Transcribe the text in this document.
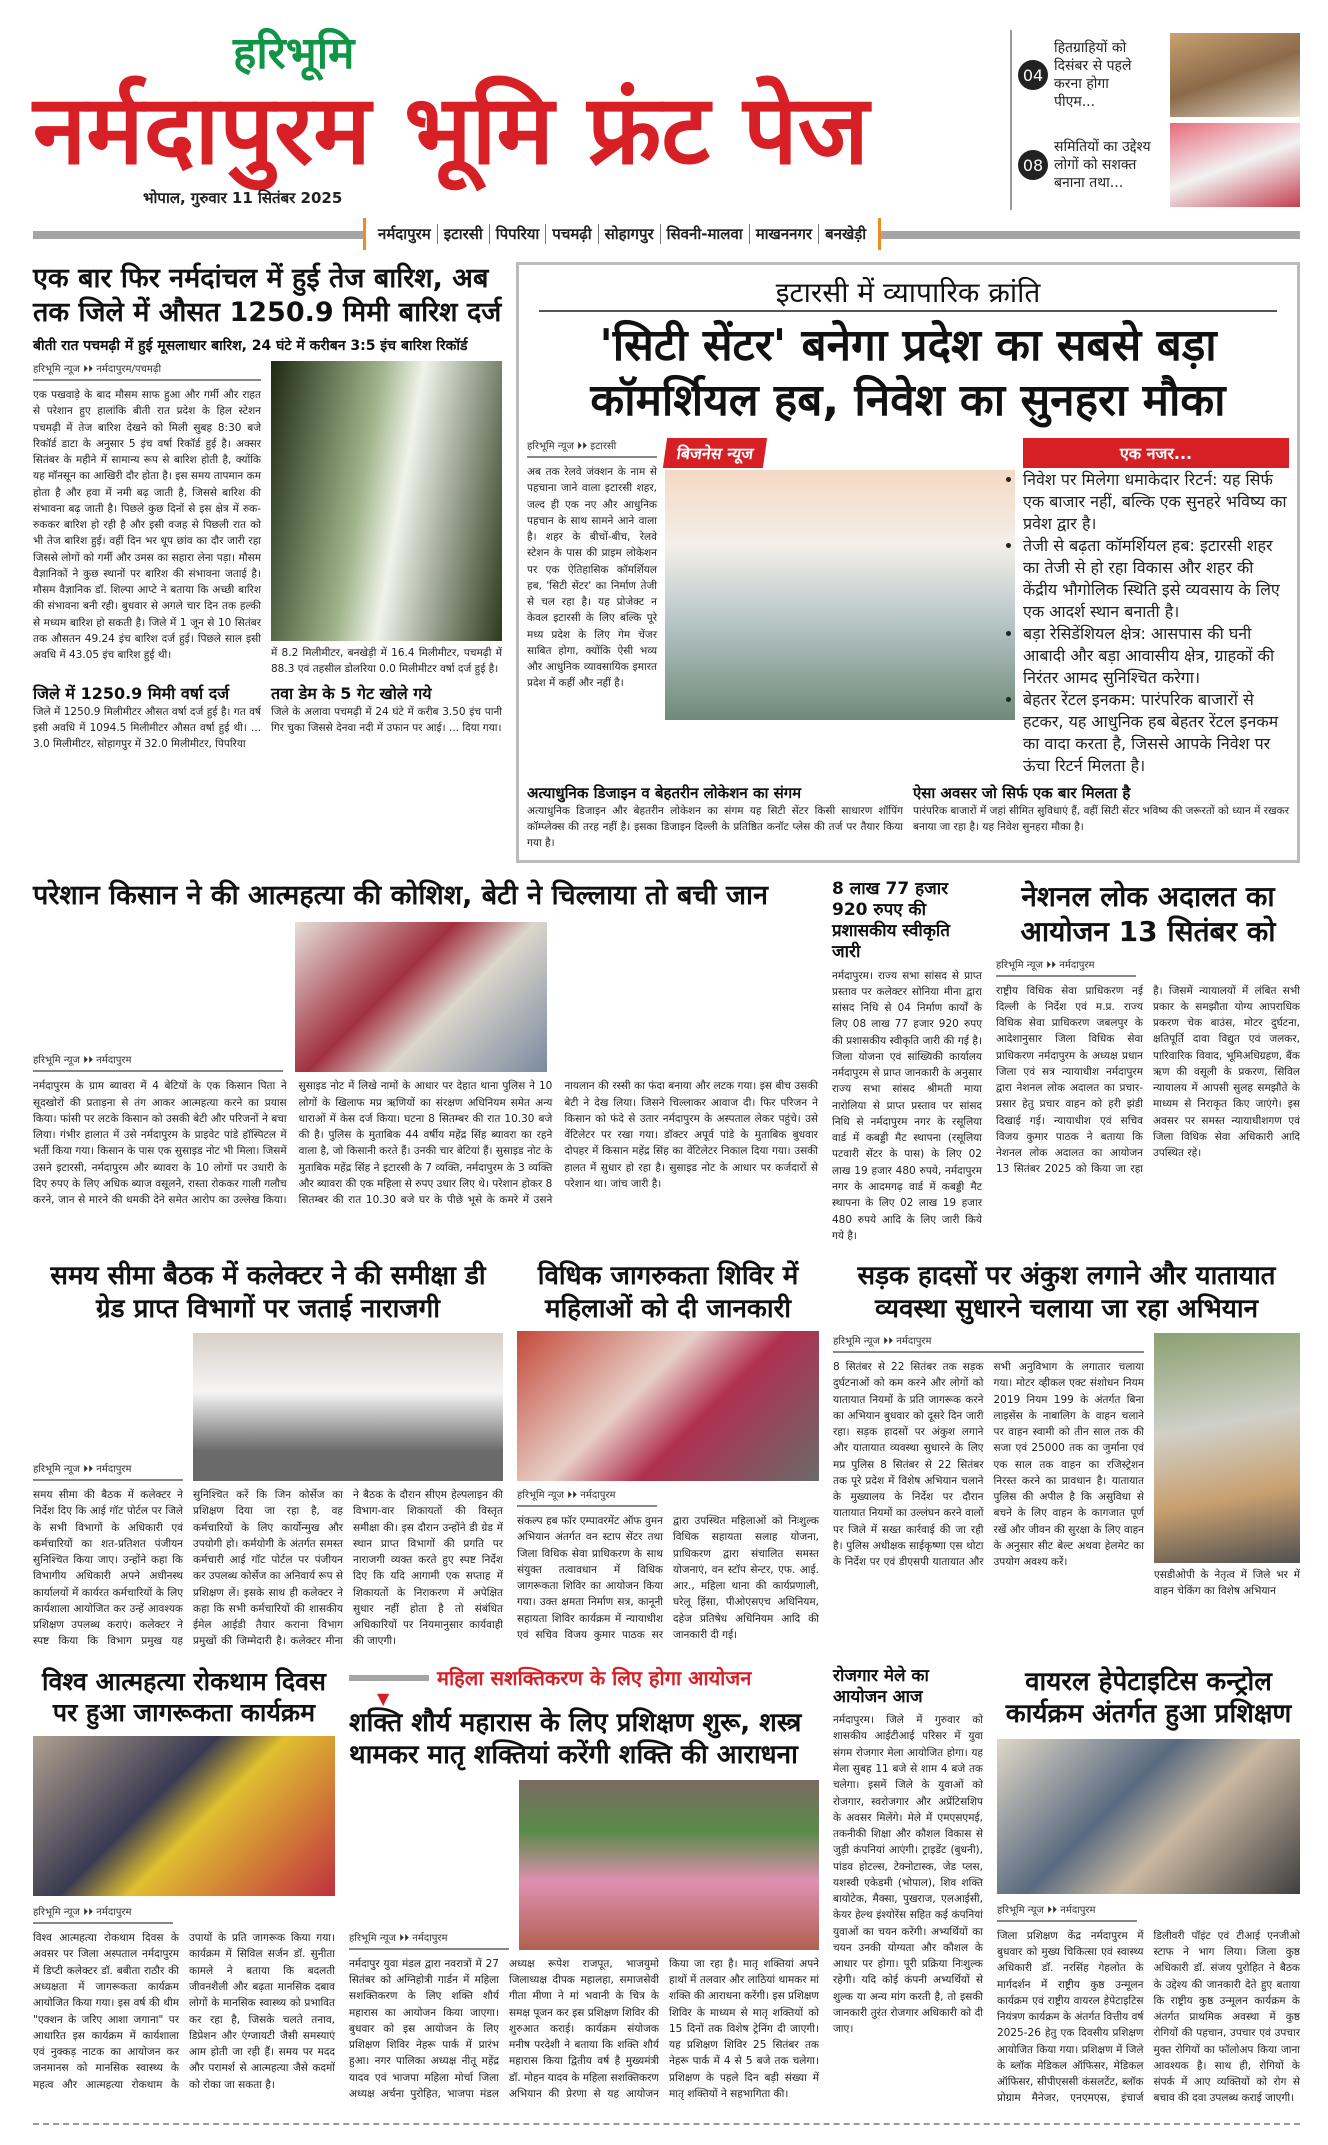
हरिभूमि
नर्मदापुरम भूमि फ्रंट पेज
भोपाल, गुरुवार 11 सितंबर 2025
04
हितग्राहियों को दिसंबर से पहले करना होगा पीएम...
08
समितियों का उद्देश्य लोगों को सशक्त बनाना तथा...
नर्मदापुरम इटारसी पिपरिया पचमढ़ी सोहागपुर सिवनी-मालवा माखननगर बनखेड़ी
एक बार फिर नर्मदांचल में हुई तेज बारिश, अब तक जिले में औसत 1250.9 मिमी बारिश दर्ज
बीती रात पचमढ़ी में हुई मूसलाधार बारिश, 24 घंटे में करीबन 3:5 इंच बारिश रिकॉर्ड
हरिभूमि न्यूज ⏵⏵ नर्मदापुरम/पचमढ़ी
एक पखवाड़े के बाद मौसम साफ हुआ और गर्मी और राहत से परेशान हुए हालांकि बीती रात प्रदेश के हिल स्टेशन पचमढ़ी में तेज बारिश देखने को मिली सुबह 8:30 बजे रिकॉर्ड डाटा के अनुसार 5 इंच वर्षा रिकॉर्ड हुई है। अक्सर सितंबर के महीने में सामान्य रूप से बारिश होती है, क्योंकि यह मॉनसून का आखिरी दौर होता है। इस समय तापमान कम होता है और हवा में नमी बढ़ जाती है, जिससे बारिश की संभावना बढ़ जाती है। पिछले कुछ दिनों से इस क्षेत्र में रुक-रुककर बारिश हो रही है और इसी वजह से पिछली रात को भी तेज बारिश हुई। वहीं दिन भर धूप छांव का दौर जारी रहा जिससे लोगों को गर्मी और उमस का सहारा लेना पड़ा। मौसम वैज्ञानिकों ने कुछ स्थानों पर बारिश की संभावना जताई है। मौसम वैज्ञानिक डॉ. शिल्पा आप्टे ने बताया कि अच्छी बारिश की संभावना बनी रही। बुधवार से अगले चार दिन तक हल्की से मध्यम बारिश हो सकती है। जिले में 1 जून से 10 सितंबर तक औसतन 49.24 इंच बारिश दर्ज हुई। पिछले साल इसी अवधि में 43.05 इंच बारिश हुई थी।	में 8.2 मिलीमीटर, बनखेड़ी में 16.4 मिलीमीटर, पचमढ़ी में 88.3 एवं तहसील डोलरिया 0.0 मिलीमीटर वर्षा दर्ज हुई है।
जिले में 1250.9 मिमी वर्षा दर्ज
जिले में 1250.9 मिलीमीटर औसत वर्षा दर्ज हुई है। गत वर्ष इसी अवधि में 1094.5 मिलीमीटर औसत वर्षा हुई थी। ... 3.0 मिलीमीटर, सोहागपुर में 32.0 मिलीमीटर, पिपरिया
तवा डेम के 5 गेट खोले गये
जिले के अलावा पचमढ़ी में 24 घंटे में करीब 3.50 इंच पानी गिर चुका जिससे देनवा नदी में उफान पर आई। ... दिया गया।
इटारसी में व्यापारिक क्रांति
'सिटी सेंटर' बनेगा प्रदेश का सबसे बड़ा कॉमर्शियल हब, निवेश का सुनहरा मौका
हरिभूमि न्यूज ⏵⏵ इटारसी
अब तक रेलवे जंक्शन के नाम से पहचाना जाने वाला इटारसी शहर, जल्द ही एक नए और आधुनिक पहचान के साथ सामने आने वाला है। शहर के बीचों-बीच, रेलवे स्टेशन के पास की प्राइम लोकेशन पर एक ऐतिहासिक कॉमर्शियल हब, 'सिटी सेंटर' का निर्माण तेजी से चल रहा है। यह प्रोजेक्ट न केवल इटारसी के लिए बल्कि पूरे मध्य प्रदेश के लिए गेम चेंजर साबित होगा, क्योंकि ऐसी भव्य और आधुनिक व्यावसायिक इमारत प्रदेश में कहीं और नहीं है।
बिजनेस न्यूज	एक नजर...
• निवेश पर मिलेगा धमाकेदार रिटर्न: यह सिर्फ एक बाजार नहीं, बल्कि एक सुनहरे भविष्य का प्रवेश द्वार है।
• तेजी से बढ़ता कॉमर्शियल हब: इटारसी शहर का तेजी से हो रहा विकास और शहर की केंद्रीय भौगोलिक स्थिति इसे व्यवसाय के लिए एक आदर्श स्थान बनाती है।
• बड़ा रेसिडेंशियल क्षेत्र: आसपास की घनी आबादी और बड़ा आवासीय क्षेत्र, ग्राहकों की निरंतर आमद सुनिश्चित करेगा।
• बेहतर रेंटल इनकम: पारंपरिक बाजारों से हटकर, यह आधुनिक हब बेहतर रेंटल इनकम का वादा करता है, जिससे आपके निवेश पर ऊंचा रिटर्न मिलता है।
अत्याधुनिक डिजाइन व बेहतरीन लोकेशन का संगम
अत्याधुनिक डिजाइन और बेहतरीन लोकेशन का संगम यह सिटी सेंटर किसी साधारण शॉपिंग कॉम्प्लेक्स की तरह नहीं है। इसका डिजाइन दिल्ली के प्रतिष्ठित कनॉट प्लेस की तर्ज पर तैयार किया गया है।
ऐसा अवसर जो सिर्फ एक बार मिलता है
पारंपरिक बाजारों में जहां सीमित सुविधाएं हैं, वहीं सिटी सेंटर भविष्य की जरूरतों को ध्यान में रखकर बनाया जा रहा है। यह निवेश सुनहरा मौका है।
परेशान किसान ने की आत्महत्या की कोशिश, बेटी ने चिल्लाया तो बची जान
हरिभूमि न्यूज ⏵⏵ नर्मदापुरम
नर्मदापुरम के ग्राम ब्यावरा में 4 बेटियों के एक किसान पिता ने सूदखोरों की प्रताड़ना से तंग आकर आत्महत्या करने का प्रयास किया। फांसी पर लटके किसान को उसकी बेटी और परिजनों ने बचा लिया। गंभीर हालात में उसे नर्मदापुरम के प्राइवेट पांडे हॉस्पिटल में भर्ती किया गया। किसान के पास एक सुसाइड नोट भी मिला। जिसमें उसने इटारसी, नर्मदापुरम और ब्यावरा के 10 लोगों पर उधारी के दिए रुपए के लिए अधिक ब्याज वसूलने, रास्ता रोककर गाली गलौच करने, जान से मारने की धमकी देने समेत आरोप का उल्लेख किया। सुसाइड नोट में लिखे नामों के आधार पर देहात थाना पुलिस ने 10 लोगों के खिलाफ मप्र ऋणियों का संरक्षण अधिनियम समेत अन्य धाराओं में केस दर्ज किया। घटना 8 सितम्बर की रात 10.30 बजे की है। पुलिस के मुताबिक 44 वर्षीय महेंद्र सिंह ब्यावरा का रहने वाला है, जो किसानी करते हैं। उनकी चार बेटियां हैं। सुसाइड नोट के मुताबिक महेंद्र सिंह ने इटारसी के 7 व्यक्ति, नर्मदापुरम के 3 व्यक्ति और ब्यावरा की एक महिला से रुपए उधार लिए थे। परेशान होकर 8 सितम्बर की रात 10.30 बजे घर के पीछे भूसे के कमरे में उसने नायलान की रस्सी का फंदा बनाया और लटक गया। इस बीच उसकी बेटी ने देख लिया। जिसने चिल्लाकर आवाज दी। फिर परिजन ने किसान को फंदे से उतार नर्मदापुरम के अस्पताल लेकर पहुंचे। उसे वेंटिलेटर पर रखा गया। डॉक्टर अपूर्व पांडे के मुताबिक बुधवार दोपहर में किसान महेंद्र सिंह का वेंटिलेटर निकाल दिया गया। उसकी हालत में सुधार हो रहा है। सुसाइड नोट के आधार पर कर्जदारों से परेशान था। जांच जारी है।
8 लाख 77 हजार 920 रुपए की प्रशासकीय स्वीकृति जारी
नर्मदापुरम। राज्य सभा सांसद से प्राप्त प्रस्ताव पर कलेक्टर सोनिया मीना द्वारा सांसद निधि से 04 निर्माण कार्यों के लिए 08 लाख 77 हजार 920 रुपए की प्रशासकीय स्वीकृति जारी की गई है। जिला योजना एवं सांख्यिकी कार्यालय नर्मदापुरम से प्राप्त जानकारी के अनुसार राज्य सभा सांसद श्रीमती माया नारोलिया से प्राप्त प्रस्ताव पर सांसद निधि से नर्मदापुरम नगर के रसूलिया वार्ड में कबड्डी मैट स्थापना (रसूलिया पटवारी सेंटर के पास) के लिए 02 लाख 19 हजार 480 रुपये, नर्मदापुरम नगर के आदमगढ़ वार्ड में कबड्डी मैट स्थापना के लिए 02 लाख 19 हजार 480 रुपये आदि के लिए जारी किये गये है।
नेशनल लोक अदालत का आयोजन 13 सितंबर को
हरिभूमि न्यूज ⏵⏵ नर्मदापुरम
राष्ट्रीय विधिक सेवा प्राधिकरण नई दिल्ली के निर्देश एवं म.प्र. राज्य विधिक सेवा प्राधिकरण जबलपुर के आदेशानुसार जिला विधिक सेवा प्राधिकरण नर्मदापुरम के अध्यक्ष प्रधान जिला एवं सत्र न्यायाधीश नर्मदापुरम द्वारा नेशनल लोक अदालत का प्रचार-प्रसार हेतु प्रचार वाहन को हरी झंडी दिखाई गई। न्यायाधीश एवं सचिव विजय कुमार पाठक ने बताया कि नेशनल लोक अदालत का आयोजन 13 सितंबर 2025 को किया जा रहा है। जिसमें न्यायालयों में लंबित सभी प्रकार के समझौता योग्य आपराधिक प्रकरण चेक बाउंस, मोटर दुर्घटना, क्षतिपूर्ति दावा विद्युत एवं जलकर, पारिवारिक विवाद, भूमिअधिग्रहण, बैंक ऋण की वसूली के प्रकरण, सिविल न्यायालय में आपसी सुलह समझौते के माध्यम से निराकृत किए जाएंगे। इस अवसर पर समस्त न्यायाधीशगण एवं जिला विधिक सेवा अधिकारी आदि उपस्थित रहे।
समय सीमा बैठक में कलेक्टर ने की समीक्षा डी ग्रेड प्राप्त विभागों पर जताई नाराजगी
हरिभूमि न्यूज ⏵⏵ नर्मदापुरम
समय सीमा की बैठक में कलेक्टर ने निर्देश दिए कि आई गॉट पोर्टल पर जिले के सभी विभागों के अधिकारी एवं कर्मचारियों का शत-प्रतिशत पंजीयन सुनिश्चित किया जाए। उन्होंने कहा कि विभागीय अधिकारी अपने अधीनस्थ कार्यालयों में कार्यरत कर्मचारियों के लिए कार्यशाला आयोजित कर उन्हें आवश्यक प्रशिक्षण उपलब्ध कराएं। कलेक्टर ने स्पष्ट किया कि विभाग प्रमुख यह सुनिश्चित करें कि जिन कोर्सेज का प्रशिक्षण दिया जा रहा है, वह कर्मचारियों के लिए कार्योन्मुख और उपयोगी हो। कर्मयोगी के अंतर्गत समस्त कर्मचारी आई गॉट पोर्टल पर पंजीयन कर उपलब्ध कोर्सेज का अनिवार्य रूप से प्रशिक्षण लें। इसके साथ ही कलेक्टर ने कहा कि सभी कर्मचारियों की शासकीय ईमेल आईडी तैयार कराना विभाग प्रमुखों की जिम्मेदारी है। कलेक्टर मीना ने बैठक के दौरान सीएम हेल्पलाइन की विभाग-वार शिकायतों की विस्तृत समीक्षा की। इस दौरान उन्होंने डी ग्रेड में स्थान प्राप्त विभागों की प्रगति पर नाराजगी व्यक्त करते हुए स्पष्ट निर्देश दिए कि यदि आगामी एक सप्ताह में शिकायतों के निराकरण में अपेक्षित सुधार नहीं होता है तो संबंधित अधिकारियों पर नियमानुसार कार्यवाही की जाएगी।
विधिक जागरुकता शिविर में महिलाओं को दी जानकारी
हरिभूमि न्यूज ⏵⏵ नर्मदापुरम
संकल्प हब फॉर एम्पावरमेंट ऑफ वुमन अभियान अंतर्गत वन स्टाप सेंटर तथा जिला विधिक सेवा प्राधिकरण के साथ संयुक्त तत्वावधान में विधिक जागरूकता शिविर का आयोजन किया गया। उक्त क्षमता निर्माण सत्र, कानूनी सहायता शिविर कार्यक्रम में न्यायाधीश एवं सचिव विजय कुमार पाठक सर द्वारा उपस्थित महिलाओं को निःशुल्क विधिक सहायता सलाह योजना, प्राधिकरण द्वारा संचालित समस्त योजनाएं, वन स्टॉप सेन्टर, एफ. आई. आर., महिला थाना की कार्यप्रणाली, घरेलू हिंसा, पीओएसएच अधिनियम, दहेज प्रतिषेध अधिनियम आदि की जानकारी दी गई।
सड़क हादसों पर अंकुश लगाने और यातायात व्यवस्था सुधारने चलाया जा रहा अभियान
हरिभूमि न्यूज ⏵⏵ नर्मदापुरम
8 सितंबर से 22 सितंबर तक सड़क दुर्घटनाओं को कम करने और लोगों को यातायात नियमों के प्रति जागरूक करने का अभियान बुधवार को दूसरे दिन जारी रहा। सड़क हादसों पर अंकुश लगाने और यातायात व्यवस्था सुधारने के लिए मप्र पुलिस 8 सितंबर से 22 सितंबर तक पूरे प्रदेश में विशेष अभियान चलाने के मुख्यालय के निर्देश पर दौरान यातायात नियमों का उल्लंघन करने वालों पर जिले में सख्त कार्रवाई की जा रही है। पुलिस अधीक्षक साईकृष्णा एस थोटा के निर्देश पर एवं डीएसपी यातायात और सभी अनुविभाग के लगातार चलाया गया। मोटर व्हीकल एक्ट संशोधन नियम 2019 नियम 199 के अंतर्गत बिना लाइसेंस के नाबालिग के वाहन चलाने पर वाहन स्वामी को तीन साल तक की सजा एवं 25000 तक का जुर्माना एवं एक साल तक वाहन का रजिस्ट्रेशन निरस्त करने का प्रावधान है। यातायात पुलिस की अपील है कि असुविधा से बचने के लिए वाहन के कागजात पूर्ण रखें और जीवन की सुरक्षा के लिए वाहन के अनुसार सीट बेल्ट अथवा हेलमेट का उपयोग अवश्य करें।
एसडीओपी के नेतृत्व में जिले भर में वाहन चेकिंग का विशेष अभियान
विश्व आत्महत्या रोकथाम दिवस पर हुआ जागरूकता कार्यक्रम
हरिभूमि न्यूज ⏵⏵ नर्मदापुरम
विश्व आत्महत्या रोकथाम दिवस के अवसर पर जिला अस्पताल नर्मदापुरम में डिप्टी कलेक्टर डॉ. बबीता राठौर की अध्यक्षता में जागरूकता कार्यक्रम आयोजित किया गया। इस वर्ष की थीम "एक्शन के जरिए आशा जगाना" पर आधारित इस कार्यक्रम में कार्यशाला एवं नुक्कड़ नाटक का आयोजन कर जनमानस को मानसिक स्वास्थ्य के महत्व और आत्महत्या रोकथाम के उपायों के प्रति जागरूक किया गया। कार्यक्रम में सिविल सर्जन डॉ. सुनीता कामले ने बताया कि बदलती जीवनशैली और बढ़ता मानसिक दबाव लोगों के मानसिक स्वास्थ्य को प्रभावित कर रहा है, जिसके चलते तनाव, डिप्रेशन और एंग्जायटी जैसी समस्याएं आम होती जा रही हैं। समय पर मदद और परामर्श से आत्महत्या जैसे कदमों को रोका जा सकता है।
महिला सशक्तिकरण के लिए होगा आयोजन
▼
शक्ति शौर्य महारास के लिए प्रशिक्षण शुरू, शस्त्र थामकर मातृ शक्तियां करेंगी शक्ति की आराधना
हरिभूमि न्यूज ⏵⏵ नर्मदापुरम
नर्मदापुर युवा मंडल द्वारा नवरात्रों में 27 सितंबर को अग्निहोत्री गार्डन में महिला सशक्तिकरण के लिए शक्ति शौर्य महारास का आयोजन किया जाएगा। बुधवार को इस आयोजन के लिए प्रशिक्षण शिविर नेहरू पार्क में प्रारंभ हुआ। नगर पालिका अध्यक्ष नीतू महेंद्र यादव एवं भाजपा महिला मोर्चा जिला अध्यक्ष अर्चना पुरोहित, भाजपा मंडल अध्यक्ष रूपेश राजपूत, भाजयुमो जिलाध्यक्ष दीपक महालहा, समाजसेवी गीता मीणा ने मां भवानी के चित्र के समक्ष पूजन कर इस प्रशिक्षण शिविर की शुरुआत कराई। कार्यक्रम संयोजक मनीष परदेशी ने बताया कि शक्ति शौर्य महारास किया द्वितीय वर्ष है मुख्यमंत्री डॉ. मोहन यादव के महिला सशक्तिकरण अभियान की प्रेरणा से यह आयोजन किया जा रहा है। मातृ शक्तियां अपने हाथों में तलवार और लाठियां थामकर मां शक्ति की आराधना करेंगी। इस प्रशिक्षण शिविर के माध्यम से मातृ शक्तियों को 15 दिनों तक विशेष ट्रेनिंग दी जाएगी। यह प्रशिक्षण शिविर 25 सितंबर तक नेहरू पार्क में 4 से 5 बजे तक चलेगा। प्रशिक्षण के पहले दिन बड़ी संख्या में मातृ शक्तियों ने सहभागिता की।
रोजगार मेले का आयोजन आज
नर्मदापुरम। जिले में गुरुवार को शासकीय आईटीआई परिसर में युवा संगम रोजगार मेला आयोजित होगा। यह मेला सुबह 11 बजे से शाम 4 बजे तक चलेगा। इसमें जिले के युवाओं को रोजगार, स्वरोजगार और अप्रेंटिसशिप के अवसर मिलेंगे। मेले में एमएसएमई, तकनीकी शिक्षा और कौशल विकास से जुड़ी कंपनियां आएंगी। ट्राइडेंट (बुधनी), पांडव होटल्स, टेक्नोटास्क, जेड प्लस, यशस्वी एकेडमी (भोपाल), शिव शक्ति बायोटेक, मैक्सा, पुखराज, एलआईसी, केयर हेल्थ इंश्योरेंस सहित कई कंपनियां युवाओं का चयन करेंगी। अभ्यर्थियों का चयन उनकी योग्यता और कौशल के आधार पर होगा। पूरी प्रक्रिया निःशुल्क रहेगी। यदि कोई कंपनी अभ्यर्थियों से शुल्क या अन्य मांग करती है, तो इसकी जानकारी तुरंत रोजगार अधिकारी को दी जाए।
वायरल हेपेटाइटिस कन्ट्रोल कार्यक्रम अंतर्गत हुआ प्रशिक्षण
हरिभूमि न्यूज ⏵⏵ नर्मदापुरम
जिला प्रशिक्षण केंद्र नर्मदापुरम में बुधवार को मुख्य चिकित्सा एवं स्वास्थ्य अधिकारी डॉ. नरसिंह गेहलोत के मार्गदर्शन में राष्ट्रीय कुष्ठ उन्मूलन कार्यक्रम एवं राष्ट्रीय वायरल हेपेटाइटिस नियंत्रण कार्यक्रम के अंतर्गत वित्तीय वर्ष 2025-26 हेतु एक दिवसीय प्रशिक्षण आयोजित किया गया। प्रशिक्षण में जिले के ब्लॉक मेडिकल ऑफिसर, मेडिकल ऑफिसर, सीपीएससी कंसलटेंट, ब्लॉक प्रोग्राम मैनेजर, एनएमएस, इंचार्ज डिलीवरी पॉइंट एवं टीआई एनजीओ स्टाफ ने भाग लिया। जिला कुष्ठ अधिकारी डॉ. संजय पुरोहित ने बैठक के उद्देश्य की जानकारी देते हुए बताया कि राष्ट्रीय कुष्ठ उन्मूलन कार्यक्रम के अंतर्गत प्राथमिक अवस्था में कुष्ठ रोगियों की पहचान, उपचार एवं उपचार मुक्त रोगियों का फॉलोअप किया जाना आवश्यक है। साथ ही, रोगियों के संपर्क में आए व्यक्तियों को रोग से बचाव की दवा उपलब्ध कराई जाएगी।
